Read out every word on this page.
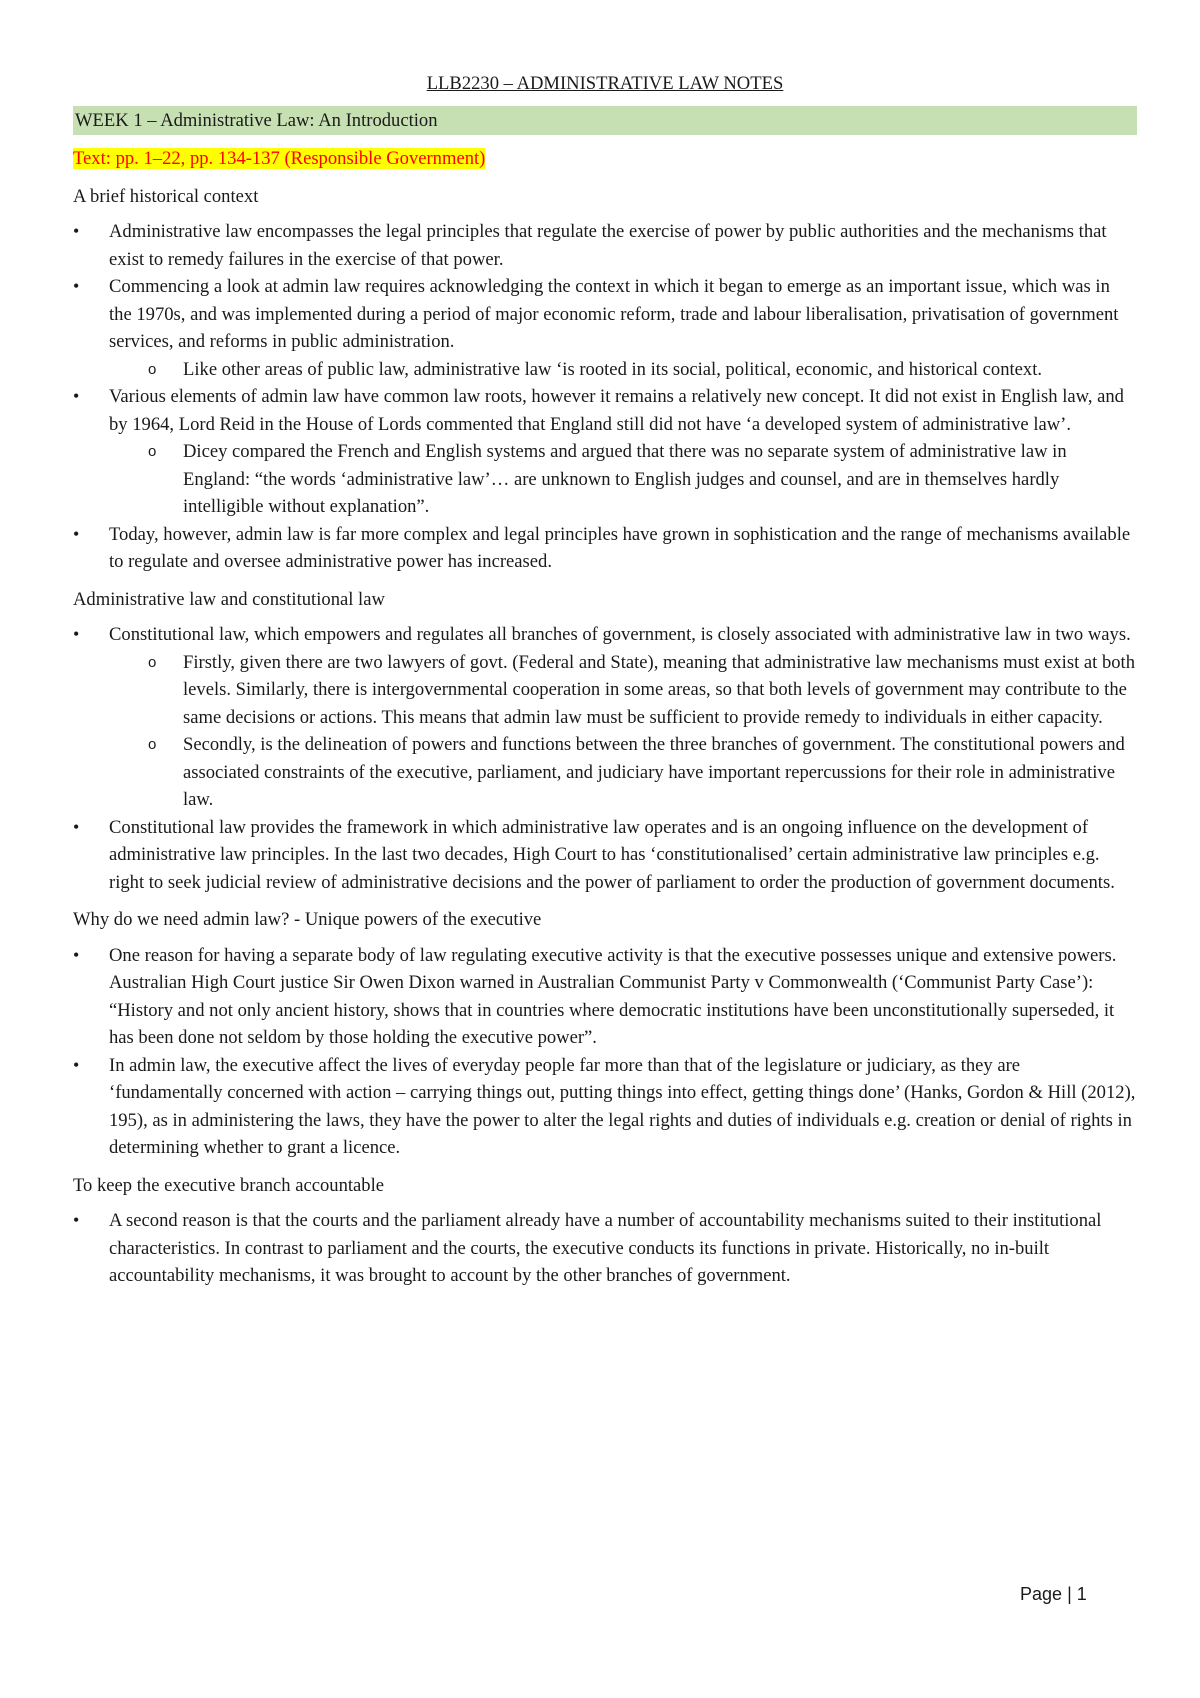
LLB2230 – ADMINISTRATIVE LAW NOTES
WEEK 1 – Administrative Law: An Introduction
Text: pp. 1–22, pp. 134-137 (Responsible Government)
A brief historical context
• Administrative law encompasses the legal principles that regulate the exercise of power by public authorities and the mechanisms that exist to remedy failures in the exercise of that power.
• Commencing a look at admin law requires acknowledging the context in which it began to emerge as an important issue, which was in the 1970s, and was implemented during a period of major economic reform, trade and labour liberalisation, privatisation of government services, and reforms in public administration.
o Like other areas of public law, administrative law ‘is rooted in its social, political, economic, and historical context.
• Various elements of admin law have common law roots, however it remains a relatively new concept. It did not exist in English law, and by 1964, Lord Reid in the House of Lords commented that England still did not have ‘a developed system of administrative law’.
o Dicey compared the French and English systems and argued that there was no separate system of administrative law in England: “the words ‘administrative law’… are unknown to English judges and counsel, and are in themselves hardly intelligible without explanation”.
• Today, however, admin law is far more complex and legal principles have grown in sophistication and the range of mechanisms available to regulate and oversee administrative power has increased.
Administrative law and constitutional law
• Constitutional law, which empowers and regulates all branches of government, is closely associated with administrative law in two ways.
o Firstly, given there are two lawyers of govt. (Federal and State), meaning that administrative law mechanisms must exist at both levels. Similarly, there is intergovernmental cooperation in some areas, so that both levels of government may contribute to the same decisions or actions. This means that admin law must be sufficient to provide remedy to individuals in either capacity.
o Secondly, is the delineation of powers and functions between the three branches of government. The constitutional powers and associated constraints of the executive, parliament, and judiciary have important repercussions for their role in administrative law.
• Constitutional law provides the framework in which administrative law operates and is an ongoing influence on the development of administrative law principles. In the last two decades, High Court to has ‘constitutionalised’ certain administrative law principles e.g. right to seek judicial review of administrative decisions and the power of parliament to order the production of government documents.
Why do we need admin law? - Unique powers of the executive
• One reason for having a separate body of law regulating executive activity is that the executive possesses unique and extensive powers. Australian High Court justice Sir Owen Dixon warned in Australian Communist Party v Commonwealth (‘Communist Party Case’): “History and not only ancient history, shows that in countries where democratic institutions have been unconstitutionally superseded, it has been done not seldom by those holding the executive power”.
• In admin law, the executive affect the lives of everyday people far more than that of the legislature or judiciary, as they are ‘fundamentally concerned with action – carrying things out, putting things into effect, getting things done’ (Hanks, Gordon & Hill (2012), 195), as in administering the laws, they have the power to alter the legal rights and duties of individuals e.g. creation or denial of rights in determining whether to grant a licence.
To keep the executive branch accountable
• A second reason is that the courts and the parliament already have a number of accountability mechanisms suited to their institutional characteristics. In contrast to parliament and the courts, the executive conducts its functions in private. Historically, no in-built accountability mechanisms, it was brought to account by the other branches of government.
Page | 1
